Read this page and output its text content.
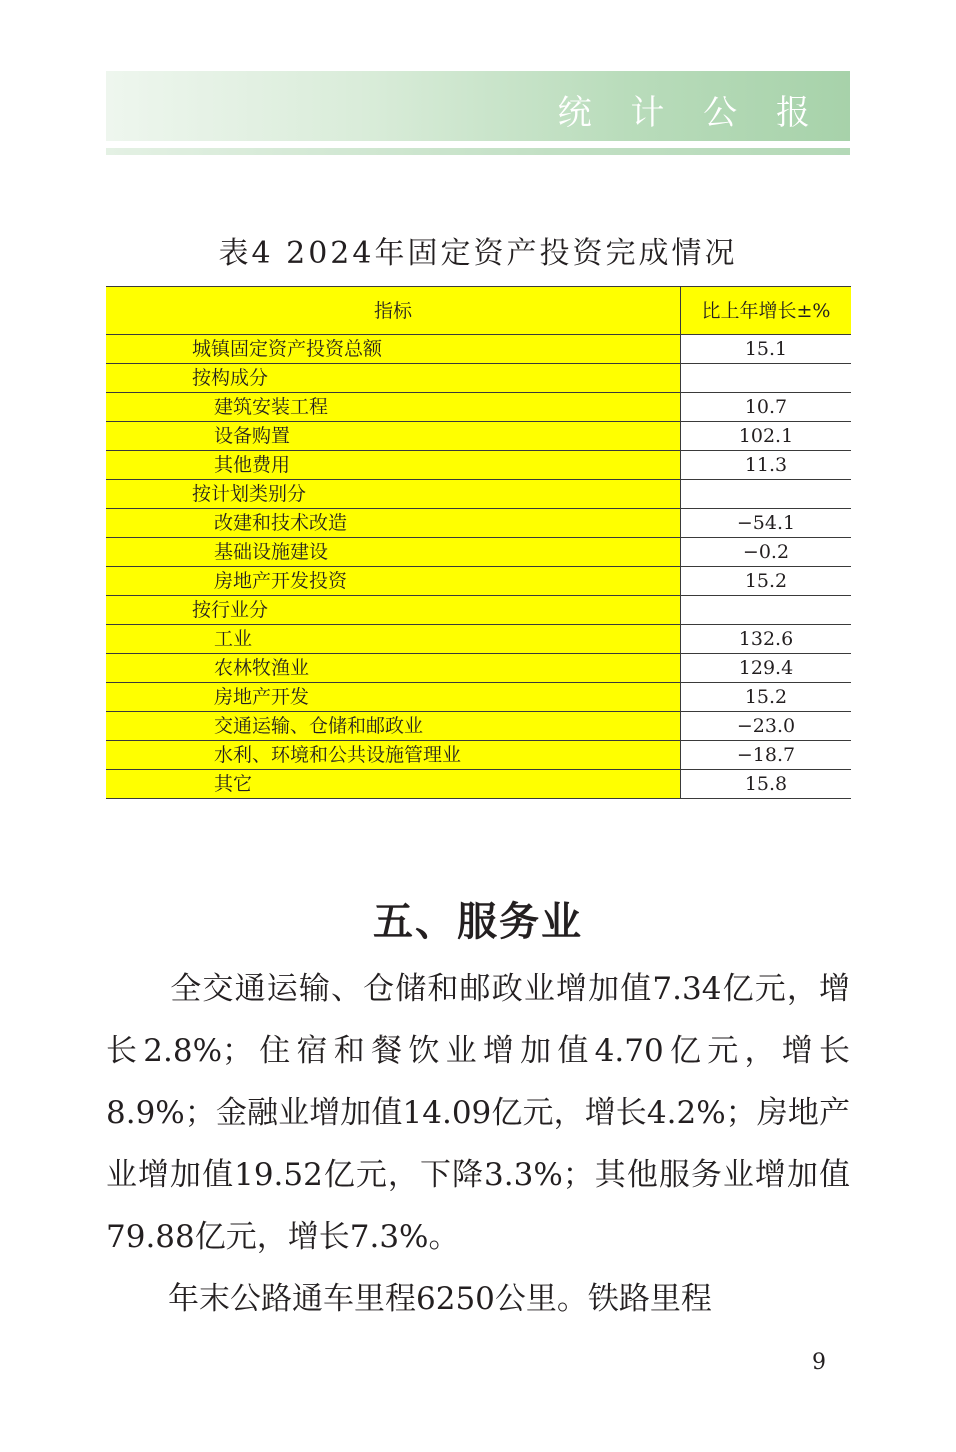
统 计 公 报
表4 2024年固定资产投资完成情况
指标	比上年增长±%
城镇固定资产投资总额	15.1
按构成分	
建筑安装工程	10.7
设备购置	102.1
其他费用	11.3
按计划类别分	
改建和技术改造	−54.1
基础设施建设	−0.2
房地产开发投资	15.2
按行业分	
工业	132.6
农林牧渔业	129.4
房地产开发	15.2
交通运输、仓储和邮政业	−23.0
水利、环境和公共设施管理业	−18.7
其它	15.8
五、服务业

　　全交通运输、仓储和邮政业增加值7.34亿元，增长2.8%；住宿和餐饮业增加值4.70亿元，增长8.9%；金融业增加值14.09亿元，增长4.2%；房地产业增加值19.52亿元，下降3.3%；其他服务业增加值79.88亿元，增长7.3%。

　　年末公路通车里程6250公里。铁路里程

9
